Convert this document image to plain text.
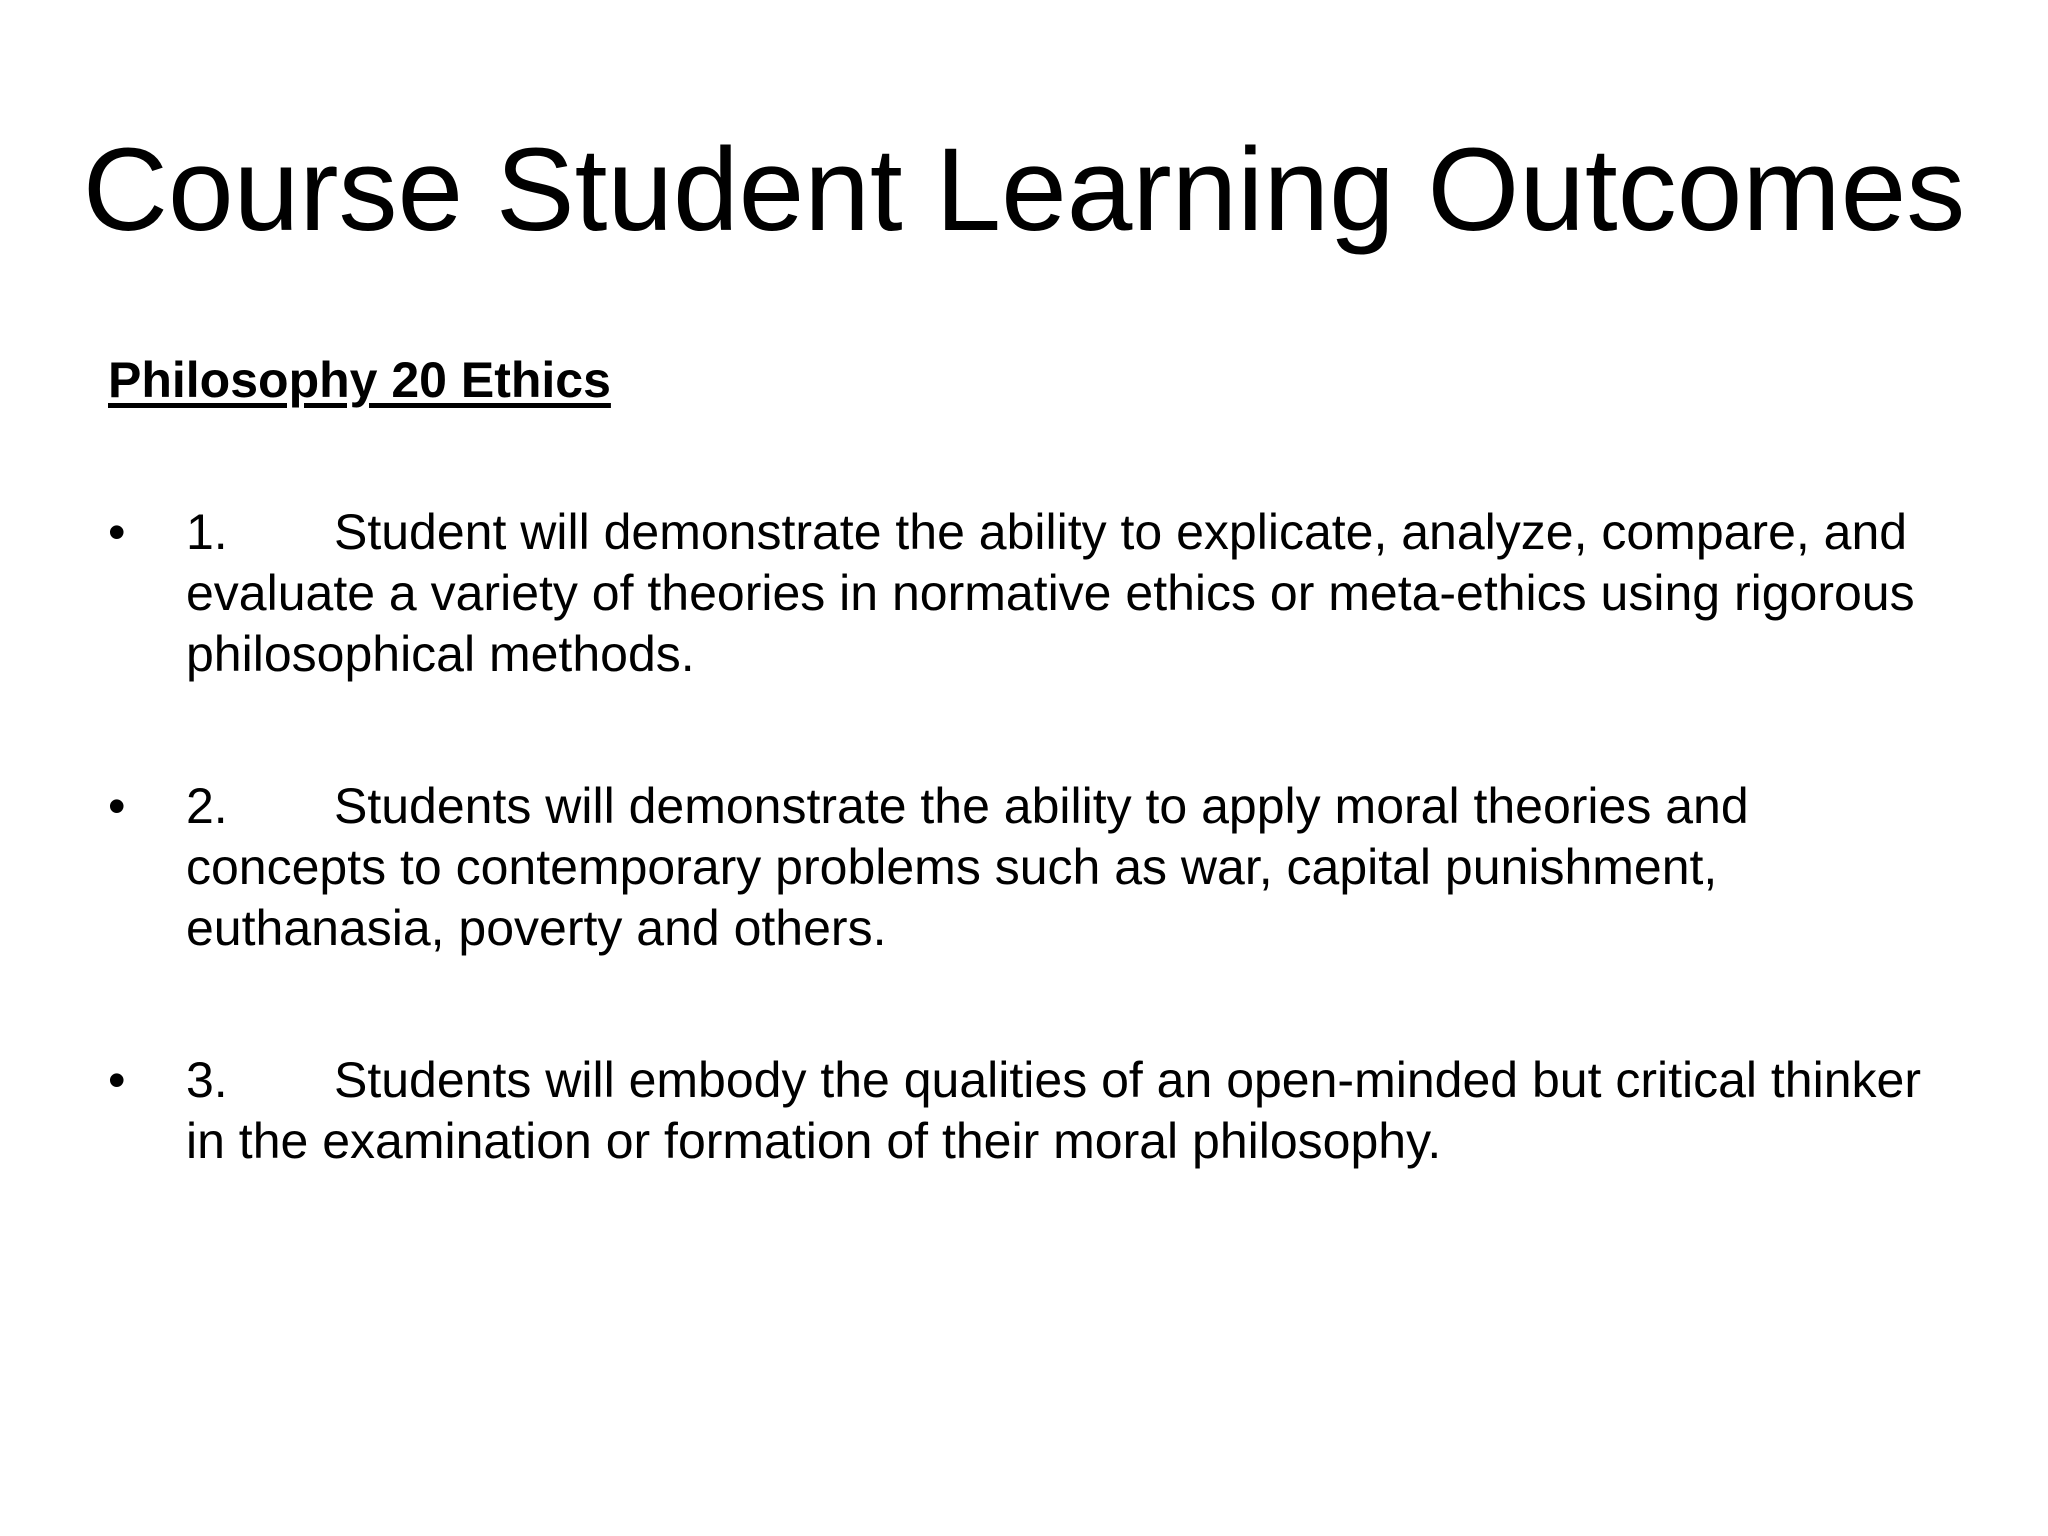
Course Student Learning Outcomes
Philosophy 20 Ethics
•	1. Student will demonstrate the ability to explicate, analyze, compare, and evaluate a variety of theories in normative ethics or meta-ethics using rigorous philosophical methods.
•	2. Students will demonstrate the ability to apply moral theories and concepts to contemporary problems such as war, capital punishment, euthanasia, poverty and others.
•	3. Students will embody the qualities of an open-minded but critical thinker in the examination or formation of their moral philosophy.
